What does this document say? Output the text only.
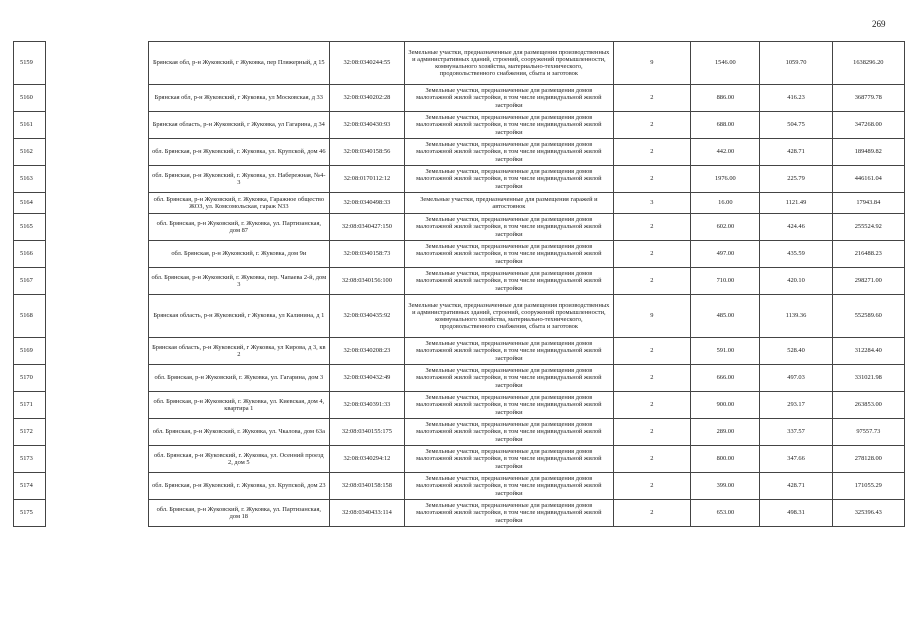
269
5159		Брянская обл, р-н Жуковский, г Жуковка, пер Пляжерный, д 15	32:08:0340244:55	Земельные участки, предназначенные для размещения производственных и административных зданий, строений, сооружений промышленности, коммунального хозяйства, материально-технического, продовольственного снабжения, сбыта и заготовок	9	1546.00	1059.70	1638296.20
5160		Брянская обл, р-н Жуковский, г Жуковка, ул Московская, д 33	32:08:0340202:28	Земельные участки, предназначенные для размещения домов малоэтажной жилой застройки, в том числе индивидуальной жилой застройки	2	886.00	416.23	368779.78
5161		Брянская область, р-н Жуковский, г Жуковка, ул Гагарина, д 34	32:08:0340430:93	Земельные участки, предназначенные для размещения домов малоэтажной жилой застройки, в том числе индивидуальной жилой застройки	2	688.00	504.75	347268.00
5162		обл. Брянская, р-н Жуковский, г. Жуковка, ул. Крупской, дом 46	32:08:0340158:56	Земельные участки, предназначенные для размещения домов малоэтажной жилой застройки, в том числе индивидуальной жилой застройки	2	442.00	428.71	189489.82
5163		обл. Брянская, р-н Жуковский, г. Жуковка, ул. Набережная, №4-3	32:08:0170112:12	Земельные участки, предназначенные для размещения домов малоэтажной жилой застройки, в том числе индивидуальной жилой застройки	2	1976.00	225.79	446161.04
5164		обл. Брянская, р-н Жуковский, г. Жуковка, Гаражное общество ЖОЗ, ул. Комсомольская, гараж N33	32:08:0340498:33	Земельные участки, предназначенные для размещения гаражей и автостоянок	3	16.00	1121.49	17943.84
5165		обл. Брянская, р-н Жуковский, г. Жуковка, ул. Партизанская, дом 87	32:08:0340427:150	Земельные участки, предназначенные для размещения домов малоэтажной жилой застройки, в том числе индивидуальной жилой застройки	2	602.00	424.46	255524.92
5166		обл. Брянская, р-н Жуковский, г. Жуковка, дом 9и	32:08:0340158:73	Земельные участки, предназначенные для размещения домов малоэтажной жилой застройки, в том числе индивидуальной жилой застройки	2	497.00	435.59	216488.23
5167		обл. Брянская, р-н Жуковский, г. Жуковка, пер. Чапаева 2-й, дом 3	32:08:0340156:100	Земельные участки, предназначенные для размещения домов малоэтажной жилой застройки, в том числе индивидуальной жилой застройки	2	710.00	420.10	298271.00
5168		Брянская область, р-н Жуковский, г Жуковка, ул Калинина, д 1	32:08:0340435:92	Земельные участки, предназначенные для размещения производственных и административных зданий, строений, сооружений промышленности, коммунального хозяйства, материально-технического, продовольственного снабжения, сбыта и заготовок	9	485.00	1139.36	552589.60
5169		Брянская область, р-н Жуковский, г Жуковка, ул Кирова, д 3, кв 2	32:08:0340208:23	Земельные участки, предназначенные для размещения домов малоэтажной жилой застройки, в том числе индивидуальной жилой застройки	2	591.00	528.40	312284.40
5170		обл. Брянская, р-н Жуковский, г. Жуковка, ул. Гагарина, дом 3	32:08:0340432:49	Земельные участки, предназначенные для размещения домов малоэтажной жилой застройки, в том числе индивидуальной жилой застройки	2	666.00	497.03	331021.98
5171		обл. Брянская, р-н Жуковский, г. Жуковка, ул. Киевская, дом 4, квартира 1	32:08:0340391:33	Земельные участки, предназначенные для размещения домов малоэтажной жилой застройки, в том числе индивидуальной жилой застройки	2	900.00	293.17	263853.00
5172		обл. Брянская, р-н Жуковский, г. Жуковка, ул. Чкалова, дом 63а	32:08:0340155:175	Земельные участки, предназначенные для размещения домов малоэтажной жилой застройки, в том числе индивидуальной жилой застройки	2	289.00	337.57	97557.73
5173		обл. Брянская, р-н Жуковский, г. Жуковка, ул. Осенний проезд 2, дом 5	32:08:0340294:12	Земельные участки, предназначенные для размещения домов малоэтажной жилой застройки, в том числе индивидуальной жилой застройки	2	800.00	347.66	278128.00
5174		обл. Брянская, р-н Жуковский, г. Жуковка, ул. Крупской, дом 23	32:08:0340158:158	Земельные участки, предназначенные для размещения домов малоэтажной жилой застройки, в том числе индивидуальной жилой застройки	2	399.00	428.71	171055.29
5175		обл. Брянская, р-н Жуковский, г. Жуковка, ул. Партизанская, дом 18	32:08:0340433:114	Земельные участки, предназначенные для размещения домов малоэтажной жилой застройки, в том числе индивидуальной жилой застройки	2	653.00	498.31	325396.43
